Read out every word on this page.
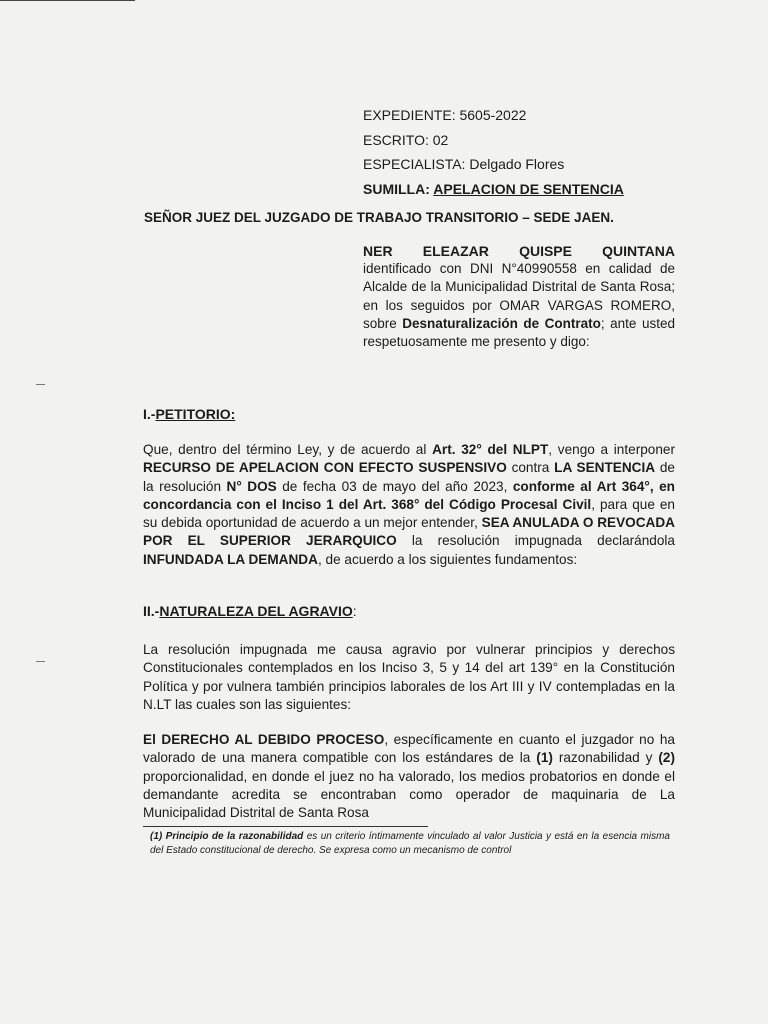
EXPEDIENTE: 5605-2022
ESCRITO: 02
ESPECIALISTA: Delgado Flores
SUMILLA: APELACION DE SENTENCIA
SEÑOR JUEZ DEL JUZGADO DE TRABAJO TRANSITORIO – SEDE JAEN.
NER ELEAZAR QUISPE QUINTANA
identificado con DNI N°40990558 en calidad de Alcalde de la Municipalidad Distrital de Santa Rosa; en los seguidos por OMAR VARGAS ROMERO, sobre Desnaturalización de Contrato; ante usted respetuosamente me presento y digo:
I.-PETITORIO:
Que, dentro del término Ley, y de acuerdo al Art. 32° del NLPT, vengo a interponer RECURSO DE APELACION CON EFECTO SUSPENSIVO contra LA SENTENCIA de la resolución N° DOS de fecha 03 de mayo del año 2023, conforme al Art 364°, en concordancia con el Inciso 1 del Art. 368° del Código Procesal Civil, para que en su debida oportunidad de acuerdo a un mejor entender, SEA ANULADA O REVOCADA POR EL SUPERIOR JERARQUICO la resolución impugnada declarándola INFUNDADA LA DEMANDA, de acuerdo a los siguientes fundamentos:
II.-NATURALEZA DEL AGRAVIO:
La resolución impugnada me causa agravio por vulnerar principios y derechos Constitucionales contemplados en los Inciso 3, 5 y 14 del art 139° en la Constitución Política y por vulnera también principios laborales de los Art III y IV contempladas en la N.LT las cuales son las siguientes:
El DERECHO AL DEBIDO PROCESO, específicamente en cuanto el juzgador no ha valorado de una manera compatible con los estándares de la (1) razonabilidad y (2) proporcionalidad, en donde el juez no ha valorado, los medios probatorios en donde el demandante acredita se encontraban como operador de maquinaria de La Municipalidad Distrital de Santa Rosa
(1) Principio de la razonabilidad es un criterio íntimamente vinculado al valor Justicia y está en la esencia misma del Estado constitucional de derecho. Se expresa como un mecanismo de control
